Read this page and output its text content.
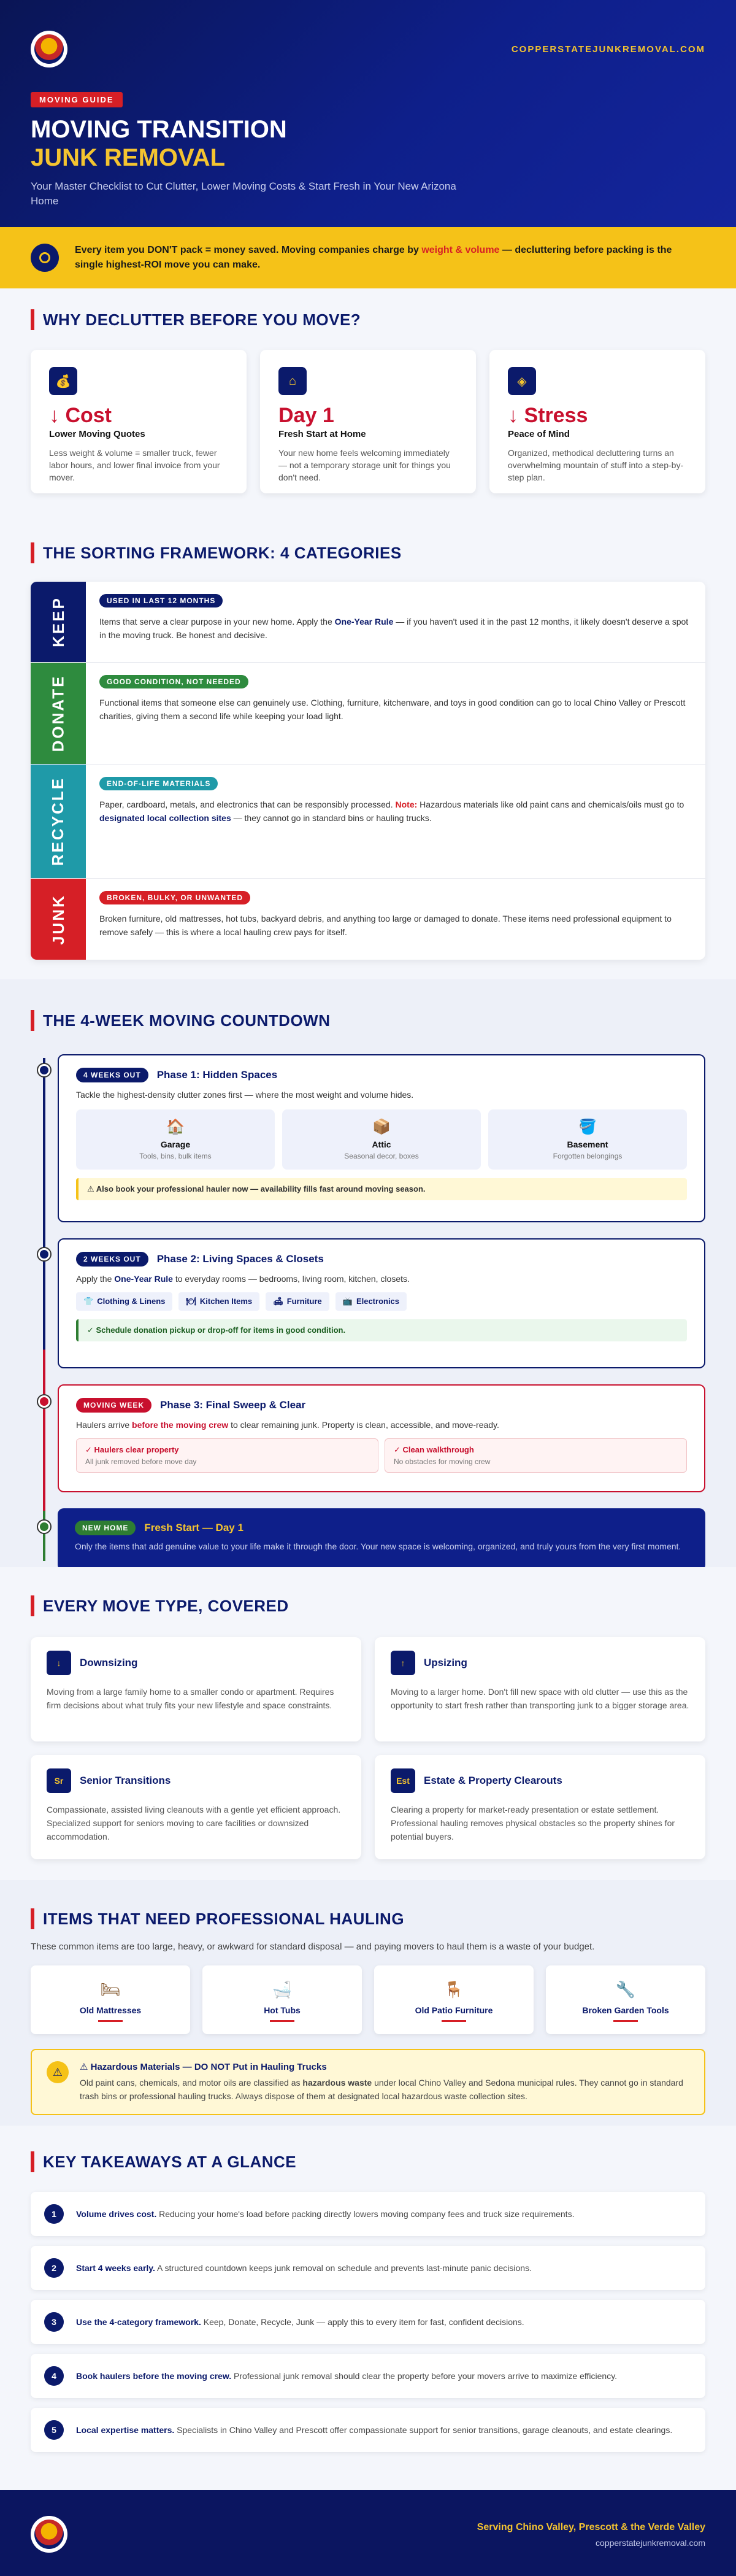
COPPERSTATEJUNKREMOVAL.COM
MOVING GUIDE
MOVING TRANSITION
JUNK REMOVAL

Your Master Checklist to Cut Clutter, Lower Moving Costs & Start Fresh in Your New Arizona Home

Every item you DON'T pack = money saved. Moving companies charge by weight & volume — decluttering before packing is the single highest-ROI move you can make.
WHY DECLUTTER BEFORE YOU MOVE?
💰
↓ Cost
Lower Moving Quotes
Less weight & volume = smaller truck, fewer labor hours, and lower final invoice from your mover.
⌂
Day 1
Fresh Start at Home
Your new home feels welcoming immediately — not a temporary storage unit for things you don't need.
◈
↓ Stress
Peace of Mind
Organized, methodical decluttering turns an overwhelming mountain of stuff into a step-by-step plan.
THE SORTING FRAMEWORK: 4 CATEGORIES
KEEP	USED IN LAST 12 MONTHS

Items that serve a clear purpose in your new home. Apply the One-Year Rule — if you haven't used it in the past 12 months, it likely doesn't deserve a spot in the moving truck. Be honest and decisive.

DONATE	GOOD CONDITION, NOT NEEDED

Functional items that someone else can genuinely use. Clothing, furniture, kitchenware, and toys in good condition can go to local Chino Valley or Prescott charities, giving them a second life while keeping your load light.

RECYCLE	END-OF-LIFE MATERIALS

Paper, cardboard, metals, and electronics that can be responsibly processed. Note: Hazardous materials like old paint cans and chemicals/oils must go to designated local collection sites — they cannot go in standard bins or hauling trucks.

JUNK	BROKEN, BULKY, OR UNWANTED

Broken furniture, old mattresses, hot tubs, backyard debris, and anything too large or damaged to donate. These items need professional equipment to remove safely — this is where a local hauling crew pays for itself.

THE 4-WEEK MOVING COUNTDOWN
4 WEEKS OUT	Phase 1: Hidden Spaces

Tackle the highest-density clutter zones first — where the most weight and volume hides.

🏠
Garage
Tools, bins, bulk items
📦
Attic
Seasonal decor, boxes
🪣
Basement
Forgotten belongings
⚠ Also book your professional hauler now — availability fills fast around moving season.
2 WEEKS OUT	Phase 2: Living Spaces & Closets

Apply the One-Year Rule to everyday rooms — bedrooms, living room, kitchen, closets.

👕 Clothing & Linens	🍽 Kitchen Items	🛋 Furniture	📺 Electronics
✓ Schedule donation pickup or drop-off for items in good condition.
MOVING WEEK	Phase 3: Final Sweep & Clear

Haulers arrive before the moving crew to clear remaining junk. Property is clean, accessible, and move-ready.

✓ Haulers clear property
All junk removed before move day
✓ Clean walkthrough
No obstacles for moving crew
NEW HOME	Fresh Start — Day 1

Only the items that add genuine value to your life make it through the door. Your new space is welcoming, organized, and truly yours from the very first moment.

EVERY MOVE TYPE, COVERED
↓	Downsizing

Moving from a large family home to a smaller condo or apartment. Requires firm decisions about what truly fits your new lifestyle and space constraints.

↑	Upsizing

Moving to a larger home. Don't fill new space with old clutter — use this as the opportunity to start fresh rather than transporting junk to a bigger storage area.

Sr	Senior Transitions

Compassionate, assisted living cleanouts with a gentle yet efficient approach. Specialized support for seniors moving to care facilities or downsized accommodation.

Est	Estate & Property Clearouts

Clearing a property for market-ready presentation or estate settlement. Professional hauling removes physical obstacles so the property shines for potential buyers.

ITEMS THAT NEED PROFESSIONAL HAULING

These common items are too large, heavy, or awkward for standard disposal — and paying movers to haul them is a waste of your budget.

🛏
Old Mattresses
🛁
Hot Tubs
🪑
Old Patio Furniture
🔧
Broken Garden Tools
⚠	⚠ Hazardous Materials — DO NOT Put in Hauling Trucks

Old paint cans, chemicals, and motor oils are classified as hazardous waste under local Chino Valley and Sedona municipal rules. They cannot go in standard trash bins or professional hauling trucks. Always dispose of them at designated local hazardous waste collection sites.

KEY TAKEAWAYS AT A GLANCE
1	Volume drives cost. Reducing your home's load before packing directly lowers moving company fees and truck size requirements.

2	Start 4 weeks early. A structured countdown keeps junk removal on schedule and prevents last-minute panic decisions.

3	Use the 4-category framework. Keep, Donate, Recycle, Junk — apply this to every item for fast, confident decisions.

4	Book haulers before the moving crew. Professional junk removal should clear the property before your movers arrive to maximize efficiency.

5	Local expertise matters. Specialists in Chino Valley and Prescott offer compassionate support for senior transitions, garage cleanouts, and estate clearings.

Serving Chino Valley, Prescott & the Verde Valley
copperstatejunkremoval.com
